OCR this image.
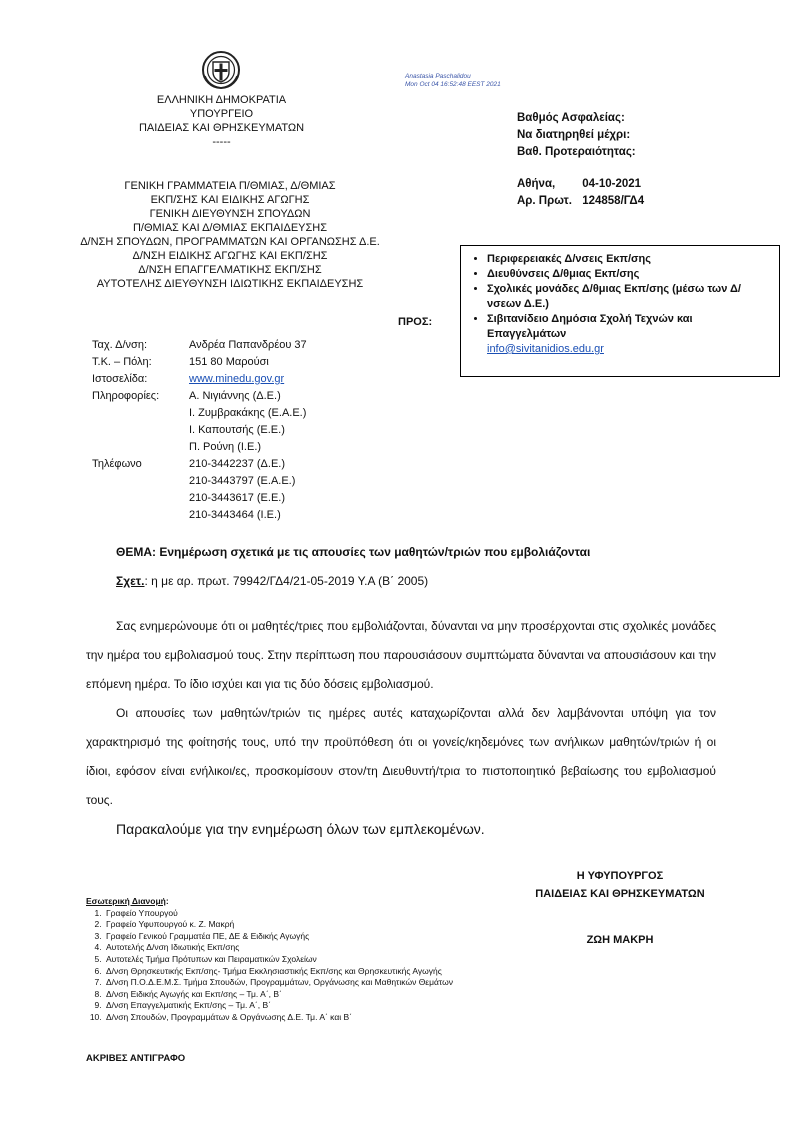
ΕΛΛΗΝΙΚΗ ΔΗΜΟΚΡΑΤΙΑ
ΥΠΟΥΡΓΕΙΟ
ΠΑΙΔΕΙΑΣ ΚΑΙ ΘΡΗΣΚΕΥΜΑΤΩΝ
-----
ΓΕΝΙΚΗ ΓΡΑΜΜΑΤΕΙΑ Π/ΘΜΙΑΣ, Δ/ΘΜΙΑΣ
ΕΚΠ/ΣΗΣ ΚΑΙ ΕΙΔΙΚΗΣ ΑΓΩΓΗΣ
ΓΕΝΙΚΗ ΔΙΕΥΘΥΝΣΗ ΣΠΟΥΔΩΝ
Π/ΘΜΙΑΣ ΚΑΙ Δ/ΘΜΙΑΣ ΕΚΠΑΙΔΕΥΣΗΣ
Δ/ΝΣΗ ΣΠΟΥΔΩΝ, ΠΡΟΓΡΑΜΜΑΤΩΝ ΚΑΙ ΟΡΓΑΝΩΣΗΣ Δ.Ε.
Δ/ΝΣΗ ΕΙΔΙΚΗΣ ΑΓΩΓΗΣ ΚΑΙ ΕΚΠ/ΣΗΣ
Δ/ΝΣΗ ΕΠΑΓΓΕΛΜΑΤΙΚΗΣ ΕΚΠ/ΣΗΣ
ΑΥΤΟΤΕΛΗΣ ΔΙΕΥΘΥΝΣΗ ΙΔΙΩΤΙΚΗΣ ΕΚΠΑΙΔΕΥΣΗΣ
Anastasia Paschalidou
Mon Oct 04 16:52:48 EEST 2021
Βαθμός Ασφαλείας:
Να διατηρηθεί μέχρι:
Βαθ. Προτεραιότητας:
Αθήνα, 04-10-2021
Αρ. Πρωτ. 124858/ΓΔ4
ΠΡΟΣ:
• Περιφερειακές Δ/νσεις Εκπ/σης
• Διευθύνσεις Δ/θμιας Εκπ/σης
• Σχολικές μονάδες Δ/θμιας Εκπ/σης (μέσω των Δ/νσεων Δ.Ε.)
• Σιβιτανίδειο Δημόσια Σχολή Τεχνών και Επαγγελμάτων
info@sivitanidios.edu.gr
Ταχ. Δ/νση:	Ανδρέα Παπανδρέου 37
Τ.Κ. – Πόλη:	151 80 Μαρούσι
Ιστοσελίδα:	www.minedu.gov.gr
Πληροφορίες:	Α. Νιγιάννης (Δ.Ε.)
Ι. Ζυμβρακάκης (Ε.Α.Ε.)
Ι. Καπουτσής (Ε.Ε.)
Π. Ρούνη (Ι.Ε.)
Τηλέφωνο	210-3442237 (Δ.Ε.)
210-3443797 (Ε.Α.Ε.)
210-3443617 (Ε.Ε.)
210-3443464 (Ι.Ε.)
ΘΕΜΑ: Ενημέρωση σχετικά με τις απουσίες των μαθητών/τριών που εμβολιάζονται
Σχετ.: η με αρ. πρωτ. 79942/ΓΔ4/21-05-2019 Υ.Α (Β΄ 2005)

Σας ενημερώνουμε ότι οι μαθητές/τριες που εμβολιάζονται, δύνανται να μην προσέρχονται στις σχολικές μονάδες την ημέρα του εμβολιασμού τους. Στην περίπτωση που παρουσιάσουν συμπτώματα δύνανται να απουσιάσουν και την επόμενη ημέρα. Το ίδιο ισχύει και για τις δύο δόσεις εμβολιασμού.

Οι απουσίες των μαθητών/τριών τις ημέρες αυτές καταχωρίζονται αλλά δεν λαμβάνονται υπόψη για τον χαρακτηρισμό της φοίτησής τους, υπό την προϋπόθεση ότι οι γονείς/κηδεμόνες των ανήλικων μαθητών/τριών ή οι ίδιοι, εφόσον είναι ενήλικοι/ες, προσκομίσουν στον/τη Διευθυντή/τρια το πιστοποιητικό βεβαίωσης του εμβολιασμού τους.

Παρακαλούμε για την ενημέρωση όλων των εμπλεκομένων.

Η ΥΦΥΠΟΥΡΓΟΣ
ΠΑΙΔΕΙΑΣ ΚΑΙ ΘΡΗΣΚΕΥΜΑΤΩΝ
ΖΩΗ ΜΑΚΡΗ
Εσωτερική Διανομή:
1. Γραφείο Υπουργού
2. Γραφείο Υφυπουργού κ. Ζ. Μακρή
3. Γραφείο Γενικού Γραμματέα ΠΕ, ΔΕ & Ειδικής Αγωγής
4. Αυτοτελής Δ/νση Ιδιωτικής Εκπ/σης
5. Αυτοτελές Τμήμα Πρότυπων και Πειραματικών Σχολείων
6. Δ/νση Θρησκευτικής Εκπ/σης- Τμήμα Εκκλησιαστικής Εκπ/σης και Θρησκευτικής Αγωγής
7. Δ/νση Π.Ο.Δ.Ε.Μ.Σ. Τμήμα Σπουδών, Προγραμμάτων, Οργάνωσης και Μαθητικών Θεμάτων
8. Δ/νση Ειδικής Αγωγής και Εκπ/σης – Τμ. Α΄, Β΄
9. Δ/νση Επαγγελματικής Εκπ/σης – Τμ. Α΄, Β΄
10. Δ/νση Σπουδών, Προγραμμάτων & Οργάνωσης Δ.Ε. Τμ. Α΄ και Β΄
ΑΚΡΙΒΕΣ ΑΝΤΙΓΡΑΦΟ
